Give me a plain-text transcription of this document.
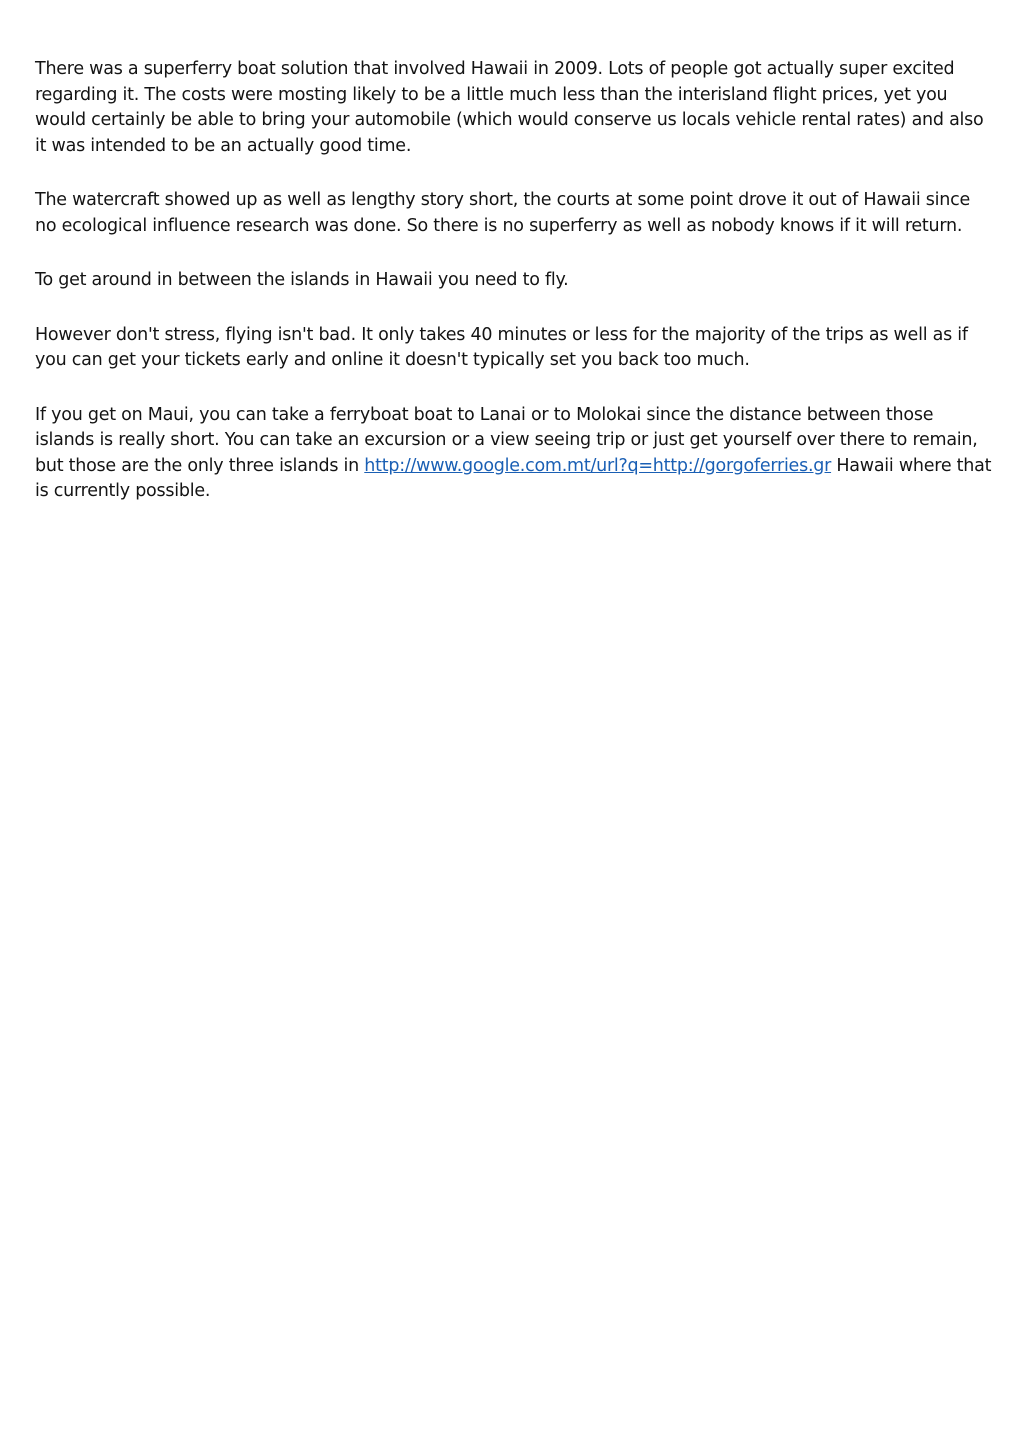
There was a superferry boat solution that involved Hawaii in 2009. Lots of people got actually super excited regarding it. The costs were mosting likely to be a little much less than the interisland flight prices, yet you would certainly be able to bring your automobile (which would conserve us locals vehicle rental rates) and also it was intended to be an actually good time.

The watercraft showed up as well as lengthy story short, the courts at some point drove it out of Hawaii since no ecological influence research was done. So there is no superferry as well as nobody knows if it will return.

To get around in between the islands in Hawaii you need to fly.

However don't stress, flying isn't bad. It only takes 40 minutes or less for the majority of the trips as well as if you can get your tickets early and online it doesn't typically set you back too much.

If you get on Maui, you can take a ferryboat boat to Lanai or to Molokai since the distance between those islands is really short. You can take an excursion or a view seeing trip or just get yourself over there to remain, but those are the only three islands in http://www.google.com.mt/url?q=http://gorgoferries.gr Hawaii where that is currently possible.
